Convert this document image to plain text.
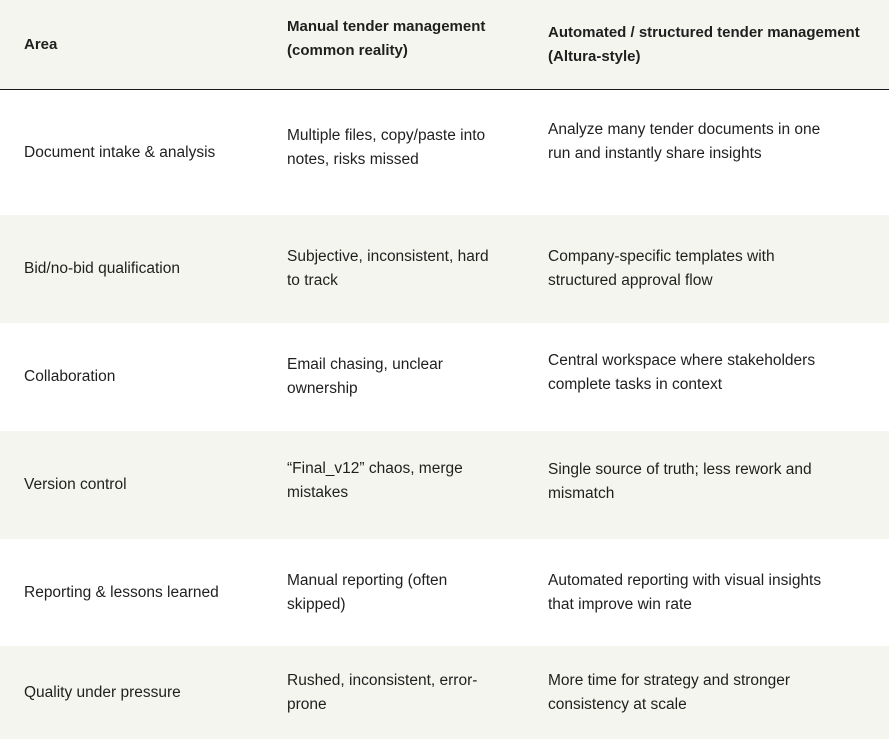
Area
Manual tender management (common reality)
Automated / structured tender management (Altura-style)
Document intake & analysis
Multiple files, copy/paste into notes, risks missed
Analyze many tender documents in one run and instantly share insights
Bid/no-bid qualification
Subjective, inconsistent, hard to track
Company-specific templates with structured approval flow
Collaboration
Email chasing, unclear ownership
Central workspace where stakeholders complete tasks in context
Version control
“Final_v12” chaos, merge mistakes
Single source of truth; less rework and mismatch
Reporting & lessons learned
Manual reporting (often skipped)
Automated reporting with visual insights that improve win rate
Quality under pressure
Rushed, inconsistent, error-prone
More time for strategy and stronger consistency at scale
